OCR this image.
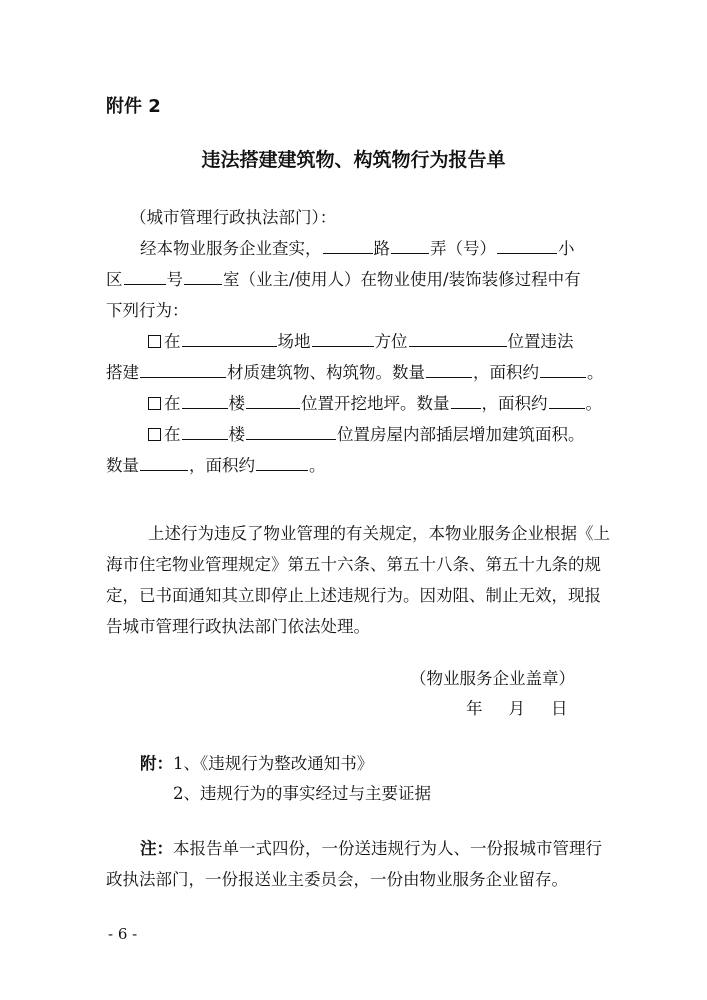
附件 2
违法搭建建筑物、构筑物行为报告单
（城市管理行政执法部门）：
经本物业服务企业查实，	路 弄（号）	小
区	号 室（业主/使用人）在物业使用/装饰装修过程中有
下列行为：
在	场地	方位	位置违法
搭建	材质建筑物、构筑物。数量	，面积约	。
在	楼	位置开挖地坪。数量 ，面积约 。
在	楼	位置房屋内部插层增加建筑面积。
数量	，面积约	。
上述行为违反了物业管理的有关规定，本物业服务企业根据《上
海市住宅物业管理规定》第五十六条、第五十八条、第五十九条的规
定，已书面通知其立即停止上述违规行为。因劝阻、制止无效，现报
告城市管理行政执法部门依法处理。
（物业服务企业盖章）
年 月 日
附：1、《违规行为整改通知书》
2、违规行为的事实经过与主要证据
注：本报告单一式四份，一份送违规行为人、一份报城市管理行
政执法部门，一份报送业主委员会，一份由物业服务企业留存。
- 6 -
